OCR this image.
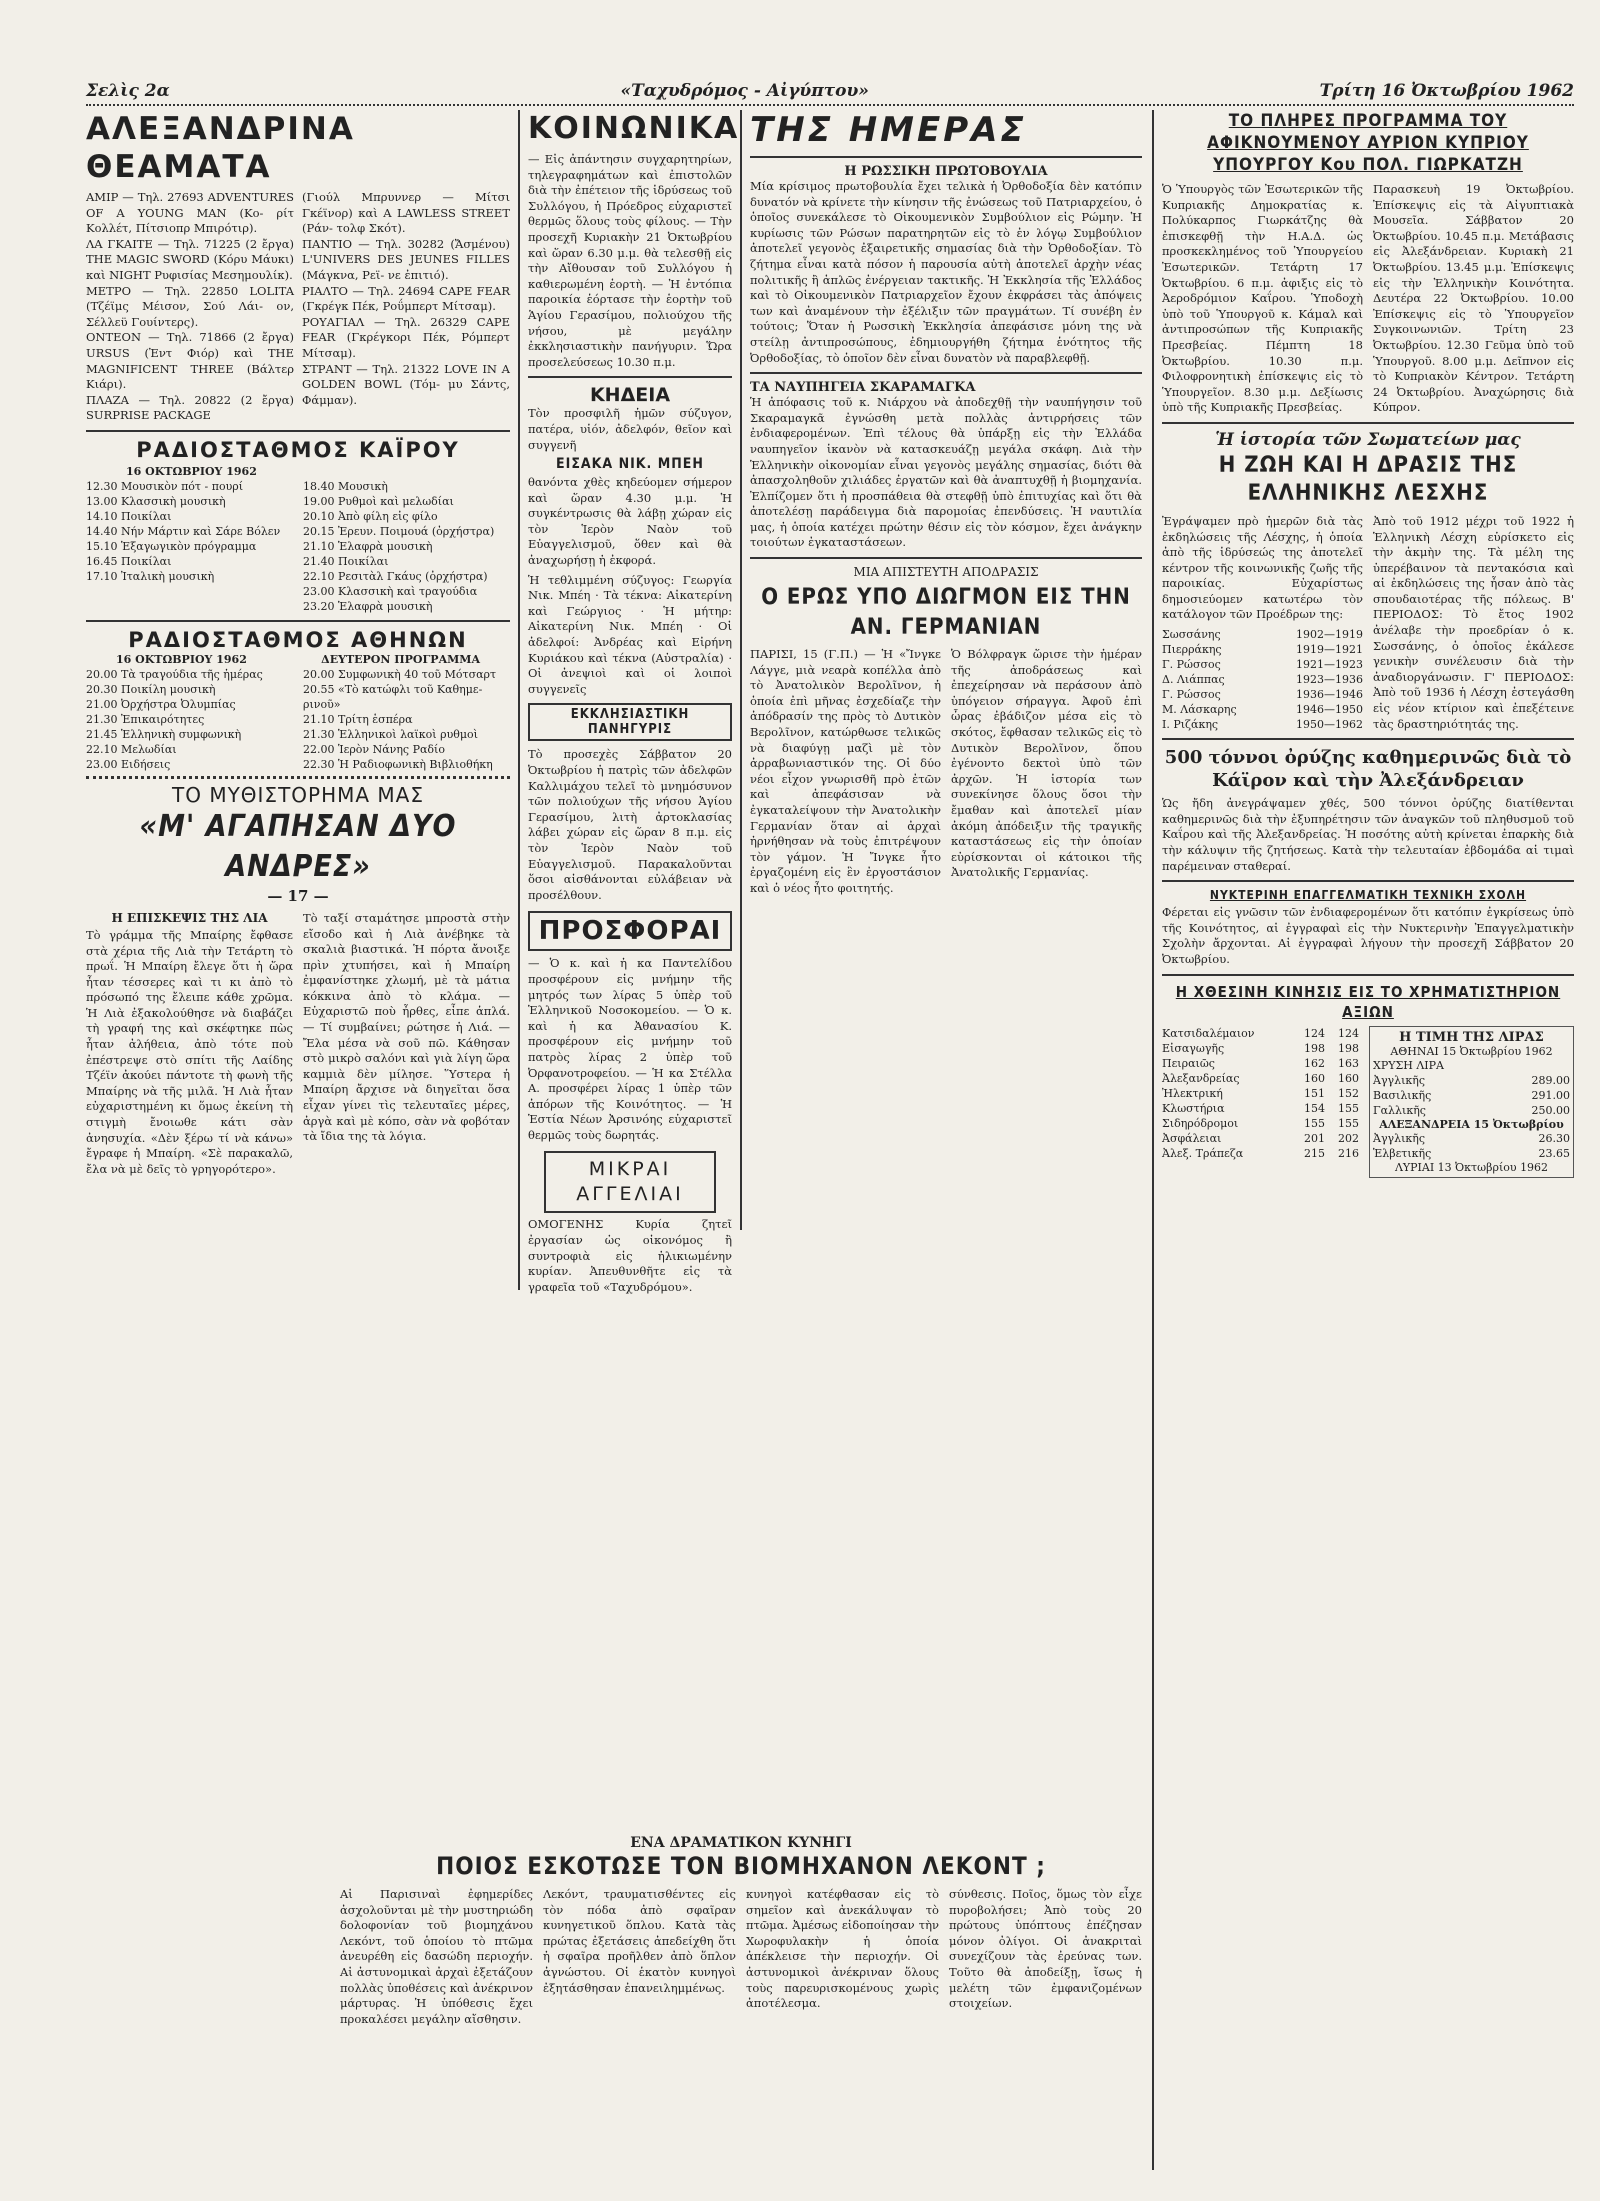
Σελὶς 2α	«Ταχυδρόμος - Αἰγύπτου»	Τρίτη 16 Ὀκτωβρίου 1962
ΑΛΕΞΑΝΔΡΙΝΑ ΘΕΑΜΑΤΑ
AMIP — Τηλ. 27693 ADVENTURES OF A YOUNG MAN (Κο- ρίτ Κολλέτ, Πίτσιοπρ Μπιρότιρ).
ΛΑ ΓΚΑΙΤΕ — Τηλ. 71225 (2 ἔργα) THE MAGIC SWORD (Κόρυ Μάυκι) καὶ NIGHT Ρυφισίας Μεσημουλίκ).
ΜΕΤΡΟ — Τηλ. 22850 LOLITA (Τζέϊμς Μέισον, Σού Λάι- ον, Σέλλεϋ Γουίντερς).
ΟΝΤΕΟΝ — Τηλ. 71866 (2 ἔργα) URSUS (Ἐντ Φιόρ) καὶ THE MAGNIFICENT THREE (Βάλτερ Κιάρι).
ΠΛΑΖΑ — Τηλ. 20822 (2 ἔργα) SURPRISE PACKAGE
(Γιούλ Μπρυννερ — Μίτσι Γκέϊνορ) καὶ A LAWLESS STREET (Ράν- τολφ Σκότ).
ΠΑΝΤΙΟ — Τηλ. 30282 (Ἄσμένου) L'UNIVERS DES JEUNES FILLES (Μάγκνα, Ρεϊ- νε ἐπιτιό).
ΡΙΑΛΤΟ — Τηλ. 24694 CAPE FEAR (Γκρέγκ Πέκ, Ροΰμπερτ Μίτσαμ).
ΡΟΥΑΓΙΑΛ — Τηλ. 26329 CAPE FEAR (Γκρέγκορι Πέκ, Ρόμπερτ Μίτσαμ).
ΣΤΡΑΝΤ — Τηλ. 21322 LOVE IN A GOLDEN BOWL (Τόμ- μυ Σάντς, Φάμμαν).
ΡΑΔΙΟΣΤΑΘΜΟΣ ΚΑΪΡΟΥ
16 ΟΚΤΩΒΡΙΟΥ 1962
12.30 Μουσικὸν πότ - πουρί
13.00 Κλασσικὴ μουσικὴ
14.10 Ποικίλαι
14.40 Νήν Μάρτιν καὶ Σάρε Βόλεν
15.10 Ἑξαγωγικὸν πρόγραμμα
16.45 Ποικίλαι
17.10 Ἰταλικὴ μουσικὴ
18.40 Μουσικὴ
19.00 Ρυθμοὶ καὶ μελωδίαι
20.10 Ἀπὸ φίλη εἰς φίλο
20.15 Ἐρευν. Ποιμουά (ὀρχήστρα)
21.10 Ἑλαφρὰ μουσικὴ
21.40 Ποικίλαι
22.10 Ρεσιτὰλ Γκάυς (ὀρχήστρα)
23.00 Κλασσικὴ καὶ τραγούδια
23.20 Ἑλαφρὰ μουσικὴ
ΡΑΔΙΟΣΤΑΘΜΟΣ ΑΘΗΝΩΝ
16 ΟΚΤΩΒΡΙΟΥ 1962	ΔΕΥΤΕΡΟΝ ΠΡΟΓΡΑΜΜΑ
20.00 Τὰ τραγούδια τῆς ἡμέρας
20.30 Ποικίλη μουσικὴ
21.00 Ὀρχήστρα Ὀλυμπίας
21.30 Ἐπικαιρότητες
21.45 Ἑλληνικὴ συμφωνικὴ
22.10 Μελωδίαι
23.00 Ειδήσεις
20.00 Συμφωνικὴ 40 τοῦ Μότσαρτ
20.55 «Τὸ κατώφλι τοῦ Καθημε- ρινοῦ»
21.10 Τρίτη ἑσπέρα
21.30 Ἑλληνικοὶ λαϊκοὶ ρυθμοὶ
22.00 Ἱερὸν Νάνης Ραδίο
22.30 Ἡ Ραδιοφωνικὴ Βιβλιοθήκη
ΤΟ ΜΥΘΙΣΤΟΡΗΜΑ ΜΑΣ
«Μ' ΑΓΑΠΗΣΑΝ ΔΥΟ ΑΝΔΡΕΣ»
— 17 —
Η ΕΠΙΣΚΕΨΙΣ ΤΗΣ ΛΙΑ

Τὸ γράμμα τῆς Μπαίρης ἔφθασε στὰ χέρια τῆς Λιὰ τὴν Τετάρτη τὸ πρωΐ. Ἡ Μπαίρη ἔλεγε ὅτι ἡ ὥρα ἦταν τέσσερες καὶ τι κι ἀπὸ τὸ πρόσωπό της ἔλειπε κάθε χρῶμα. Ἡ Λιὰ ἐξακολούθησε νὰ διαβάζει τὴ γραφή της καὶ σκέφτηκε πὼς ἦταν ἀλήθεια, ἀπὸ τότε ποὺ ἐπέστρεψε στὸ σπίτι τῆς Λαίδης Τζέϊν ἀκούει πάντοτε τὴ φωνὴ τῆς Μπαίρης νὰ τῆς μιλᾶ. Ἡ Λιὰ ἦταν εὐχαριστημένη κι ὅμως ἐκείνη τὴ στιγμὴ ἔνοιωθε κάτι σὰν ἀνησυχία. «Δὲν ξέρω τί νὰ κάνω» ἔγραφε ἡ Μπαίρη. «Σὲ παρακαλῶ, ἔλα νὰ μὲ δεῖς τὸ γρηγορότερο».

Τὸ ταξί σταμάτησε μπροστὰ στὴν εἴσοδο καὶ ἡ Λιὰ ἀνέβηκε τὰ σκαλιὰ βιαστικά. Ἡ πόρτα ἄνοιξε πρὶν χτυπήσει, καὶ ἡ Μπαίρη ἐμφανίστηκε χλωμή, μὲ τὰ μάτια κόκκινα ἀπὸ τὸ κλάμα. — Εὐχαριστῶ ποὺ ἦρθες, εἶπε ἁπλά. — Τί συμβαίνει; ρώτησε ἡ Λιά. — Ἔλα μέσα νὰ σοῦ πῶ. Κάθησαν στὸ μικρὸ σαλόνι καὶ γιὰ λίγη ὥρα καμμιὰ δὲν μίλησε. Ὕστερα ἡ Μπαίρη ἄρχισε νὰ διηγεῖται ὅσα εἶχαν γίνει τὶς τελευταῖες μέρες, ἀργὰ καὶ μὲ κόπο, σὰν νὰ φοβόταν τὰ ἴδια της τὰ λόγια.

ΚΟΙΝΩΝΙΚΑ

— Εἰς ἀπάντησιν συγχαρητηρίων, τηλεγραφημάτων καὶ ἐπιστολῶν διὰ τὴν ἐπέτειον τῆς ἱδρύσεως τοῦ Συλλόγου, ἡ Πρόεδρος εὐχαριστεῖ θερμῶς ὅλους τοὺς φίλους. — Τὴν προσεχῆ Κυριακὴν 21 Ὀκτωβρίου καὶ ὥραν 6.30 μ.μ. θὰ τελεσθῇ εἰς τὴν Αἴθουσαν τοῦ Συλλόγου ἡ καθιερωμένη ἑορτὴ. — Ἡ ἐντόπια παροικία ἑόρτασε τὴν ἑορτὴν τοῦ Ἁγίου Γερασίμου, πολιούχου τῆς νήσου, μὲ μεγάλην ἐκκλησιαστικὴν πανήγυριν. Ὥρα προσελεύσεως 10.30 π.μ.

ΚΗΔΕΙΑ

Τὸν προσφιλῆ ἡμῶν σύζυγον, πατέρα, υἱόν, ἀδελφόν, θεῖον καὶ συγγενῆ

ΕΙΣΑΚΑ ΝΙΚ. ΜΠΕΗ

θανόντα χθὲς κηδεύομεν σήμερον καὶ ὥραν 4.30 μ.μ. Ἡ συγκέντρωσις θὰ λάβῃ χώραν εἰς τὸν Ἱερὸν Ναὸν τοῦ Εὐαγγελισμοῦ, ὅθεν καὶ θὰ ἀναχωρήσῃ ἡ ἐκφορά.

Ἡ τεθλιμμένη σύζυγος: Γεωργία Νικ. Μπέη · Τὰ τέκνα: Αἰκατερίνη καὶ Γεώργιος · Ἡ μήτηρ: Αἰκατερίνη Νικ. Μπέη · Οἱ ἀδελφοί: Ἀνδρέας καὶ Εἰρήνη Κυριάκου καὶ τέκνα (Αὐστραλία) · Οἱ ἀνεψιοὶ καὶ οἱ λοιποὶ συγγενεῖς

ΕΚΚΛΗΣΙΑΣΤΙΚΗ ΠΑΝΗΓΥΡΙΣ

Τὸ προσεχὲς Σάββατον 20 Ὀκτωβρίου ἡ πατρὶς τῶν ἀδελφῶν Καλλιμάχου τελεῖ τὸ μνημόσυνον τῶν πολιούχων τῆς νήσου Ἁγίου Γερασίμου, λιτὴ ἀρτοκλασίας λάβει χώραν εἰς ὥραν 8 π.μ. εἰς τὸν Ἱερὸν Ναὸν τοῦ Εὐαγγελισμοῦ. Παρακαλοῦνται ὅσοι αἰσθάνονται εὐλάβειαν νὰ προσέλθουν.

ΠΡΟΣΦΟΡΑΙ

— Ὁ κ. καὶ ἡ κα Παντελίδου προσφέρουν εἰς μνήμην τῆς μητρός των λίρας 5 ὑπὲρ τοῦ Ἑλληνικοῦ Νοσοκομείου. — Ὁ κ. καὶ ἡ κα Ἀθανασίου Κ. προσφέρουν εἰς μνήμην τοῦ πατρὸς λίρας 2 ὑπὲρ τοῦ Ὀρφανοτροφείου. — Ἡ κα Στέλλα Α. προσφέρει λίρας 1 ὑπὲρ τῶν ἀπόρων τῆς Κοινότητος. — Ἡ Ἑστία Νέων Ἀρσινόης εὐχαριστεῖ θερμῶς τοὺς δωρητάς.

ΜΙΚΡΑΙ ΑΓΓΕΛΙΑΙ

ΟΜΟΓΕΝΗΣ Κυρία ζητεῖ ἐργασίαν ὡς οἰκονόμος ἢ συντροφιὰ εἰς ἡλικιωμένην κυρίαν. Ἀπευθυνθῆτε εἰς τὰ γραφεῖα τοῦ «Ταχυδρόμου».

ΤΗΣ ΗΜΕΡΑΣ
Η ΡΩΣΣΙΚΗ ΠΡΩΤΟΒΟΥΛΙΑ

Μία κρίσιμος πρωτοβουλία ἔχει τελικὰ ἡ Ὀρθοδοξία δὲν κατόπιν δυνατόν νὰ κρίνετε τὴν κίνησιν τῆς ἐνώσεως τοῦ Πατριαρχείου, ὁ ὁποῖος συνεκάλεσε τὸ Οἰκουμενικὸν Συμβούλιον εἰς Ρώμην. Ἡ κυρίωσις τῶν Ρώσων παρατηρητῶν εἰς τὸ ἐν λόγῳ Συμβούλιον ἀποτελεῖ γεγονὸς ἐξαιρετικῆς σημασίας διὰ τὴν Ὀρθοδοξίαν. Τὸ ζήτημα εἶναι κατὰ πόσον ἡ παρουσία αὐτὴ ἀποτελεῖ ἀρχὴν νέας πολιτικῆς ἢ ἁπλῶς ἐνέργειαν τακτικῆς. Ἡ Ἐκκλησία τῆς Ἑλλάδος καὶ τὸ Οἰκουμενικὸν Πατριαρχεῖον ἔχουν ἐκφράσει τὰς ἀπόψεις των καὶ ἀναμένουν τὴν ἐξέλιξιν τῶν πραγμάτων. Τί συνέβη ἐν τούτοις; Ὅταν ἡ Ρωσσικὴ Ἐκκλησία ἀπεφάσισε μόνη της νὰ στείλῃ ἀντιπροσώπους, ἐδημιουργήθη ζήτημα ἑνότητος τῆς Ὀρθοδοξίας, τὸ ὁποῖον δὲν εἶναι δυνατὸν νὰ παραβλεφθῇ.

ΤΑ ΝΑΥΠΗΓΕΙΑ ΣΚΑΡΑΜΑΓΚΑ

Ἡ ἀπόφασις τοῦ κ. Νιάρχου νὰ ἀποδεχθῇ τὴν ναυπήγησιν τοῦ Σκαραμαγκᾶ ἐγνώσθη μετὰ πολλὰς ἀντιρρήσεις τῶν ἐνδιαφερομένων. Ἐπὶ τέλους θὰ ὑπάρξῃ εἰς τὴν Ἑλλάδα ναυπηγεῖον ἱκανὸν νὰ κατασκευάζῃ μεγάλα σκάφη. Διὰ τὴν Ἑλληνικὴν οἰκονομίαν εἶναι γεγονὸς μεγάλης σημασίας, διότι θὰ ἀπασχοληθοῦν χιλιάδες ἐργατῶν καὶ θὰ ἀναπτυχθῇ ἡ βιομηχανία. Ἐλπίζομεν ὅτι ἡ προσπάθεια θὰ στεφθῇ ὑπὸ ἐπιτυχίας καὶ ὅτι θὰ ἀποτελέσῃ παράδειγμα διὰ παρομοίας ἐπενδύσεις. Ἡ ναυτιλία μας, ἡ ὁποία κατέχει πρώτην θέσιν εἰς τὸν κόσμον, ἔχει ἀνάγκην τοιούτων ἐγκαταστάσεων.

ΜΙΑ ΑΠΙΣΤΕΥΤΗ ΑΠΟΔΡΑΣΙΣ
Ο ΕΡΩΣ ΥΠΟ ΔΙΩΓΜΟΝ ΕΙΣ ΤΗΝ ΑΝ. ΓΕΡΜΑΝΙΑΝ

ΠΑΡΙΣΙ, 15 (Γ.Π.) — Ἡ «Ἴνγκε Λάγγε, μιὰ νεαρὰ κοπέλλα ἀπὸ τὸ Ἀνατολικὸν Βερολῖνον, ἡ ὁποία ἐπὶ μῆνας ἐσχεδίαζε τὴν ἀπόδρασίν της πρὸς τὸ Δυτικὸν Βερολῖνον, κατώρθωσε τελικῶς νὰ διαφύγῃ μαζὶ μὲ τὸν ἀρραβωνιαστικόν της. Οἱ δύο νέοι εἶχον γνωρισθῆ πρὸ ἐτῶν καὶ ἀπεφάσισαν νὰ ἐγκαταλείψουν τὴν Ἀνατολικὴν Γερμανίαν ὅταν αἱ ἀρχαὶ ἠρνήθησαν νὰ τοὺς ἐπιτρέψουν τὸν γάμον. Ἡ Ἴνγκε ἦτο ἐργαζομένη εἰς ἓν ἐργοστάσιον καὶ ὁ νέος ἦτο φοιτητής.

Ὁ Βόλφραγκ ὥρισε τὴν ἡμέραν τῆς ἀποδράσεως καὶ ἐπεχείρησαν νὰ περάσουν ἀπὸ ὑπόγειον σήραγγα. Ἀφοῦ ἐπὶ ὧρας ἐβάδιζον μέσα εἰς τὸ σκότος, ἔφθασαν τελικῶς εἰς τὸ Δυτικὸν Βερολῖνον, ὅπου ἐγένοντο δεκτοὶ ὑπὸ τῶν ἀρχῶν. Ἡ ἱστορία των συνεκίνησε ὅλους ὅσοι τὴν ἔμαθαν καὶ ἀποτελεῖ μίαν ἀκόμη ἀπόδειξιν τῆς τραγικῆς καταστάσεως εἰς τὴν ὁποίαν εὑρίσκονται οἱ κάτοικοι τῆς Ἀνατολικῆς Γερμανίας.

ΤΟ ΠΛΗΡΕΣ ΠΡΟΓΡΑΜΜΑ ΤΟΥ ΑΦΙΚΝΟΥΜΕΝΟΥ ΑΥΡΙΟΝ ΚΥΠΡΙΟΥ ΥΠΟΥΡΓΟΥ Κου ΠΟΛ. ΓΙΩΡΚΑΤΖΗ

Ὁ Ὑπουργὸς τῶν Ἐσωτερικῶν τῆς Κυπριακῆς Δημοκρατίας κ. Πολύκαρπος Γιωρκάτζης θὰ ἐπισκεφθῇ τὴν Η.Α.Δ. ὡς προσκεκλημένος τοῦ Ὑπουργείου Ἐσωτερικῶν. Τετάρτη 17 Ὀκτωβρίου. 6 π.μ. ἀφιξις εἰς τὸ Ἀεροδρόμιον Καΐρου. Ὑποδοχὴ ὑπὸ τοῦ Ὑπουργοῦ κ. Κάμαλ καὶ ἀντιπροσώπων τῆς Κυπριακῆς Πρεσβείας. Πέμπτη 18 Ὀκτωβρίου. 10.30 π.μ. Φιλοφρονητικὴ ἐπίσκεψις εἰς τὸ Ὑπουργεῖον. 8.30 μ.μ. Δεξίωσις ὑπὸ τῆς Κυπριακῆς Πρεσβείας.

Παρασκευὴ 19 Ὀκτωβρίου. Ἐπίσκεψις εἰς τὰ Αἰγυπτιακὰ Μουσεῖα. Σάββατον 20 Ὀκτωβρίου. 10.45 π.μ. Μετάβασις εἰς Ἀλεξάνδρειαν. Κυριακὴ 21 Ὀκτωβρίου. 13.45 μ.μ. Ἐπίσκεψις εἰς τὴν Ἑλληνικὴν Κοινότητα. Δευτέρα 22 Ὀκτωβρίου. 10.00 Ἐπίσκεψις εἰς τὸ Ὑπουργεῖον Συγκοινωνιῶν. Τρίτη 23 Ὀκτωβρίου. 12.30 Γεῦμα ὑπὸ τοῦ Ὑπουργοῦ. 8.00 μ.μ. Δεῖπνον εἰς τὸ Κυπριακὸν Κέντρον. Τετάρτη 24 Ὀκτωβρίου. Ἀναχώρησις διὰ Κύπρον.

Ἡ ἱστορία τῶν Σωματείων μας
Η ΖΩΗ ΚΑΙ Η ΔΡΑΣΙΣ ΤΗΣ ΕΛΛΗΝΙΚΗΣ ΛΕΣΧΗΣ

Ἐγράψαμεν πρὸ ἡμερῶν διὰ τὰς ἐκδηλώσεις τῆς Λέσχης, ἡ ὁποία ἀπὸ τῆς ἱδρύσεώς της ἀποτελεῖ κέντρον τῆς κοινωνικῆς ζωῆς τῆς παροικίας. Εὐχαρίστως δημοσιεύομεν κατωτέρω τὸν κατάλογον τῶν Προέδρων της:

Σωσσάνης	1902—1919
Πιερράκης	1919—1921
Γ. Ρώσσος	1921—1923
Δ. Λιάππας	1923—1936
Γ. Ρώσσος	1936—1946
Μ. Λάσκαρης	1946—1950
Ι. Ριζάκης	1950—1962

Ἀπὸ τοῦ 1912 μέχρι τοῦ 1922 ἡ Ἑλληνικὴ Λέσχη εὑρίσκετο εἰς τὴν ἀκμὴν της. Τὰ μέλη της ὑπερέβαινον τὰ πεντακόσια καὶ αἱ ἐκδηλώσεις της ἦσαν ἀπὸ τὰς σπουδαιοτέρας τῆς πόλεως. Β' ΠΕΡΙΟΔΟΣ: Τὸ ἔτος 1902 ἀνέλαβε τὴν προεδρίαν ὁ κ. Σωσσάνης, ὁ ὁποῖος ἐκάλεσε γενικὴν συνέλευσιν διὰ τὴν ἀναδιοργάνωσιν. Γ' ΠΕΡΙΟΔΟΣ: Ἀπὸ τοῦ 1936 ἡ Λέσχη ἐστεγάσθη εἰς νέον κτίριον καὶ ἐπεξέτεινε τὰς δραστηριότητάς της.

500 τόννοι ὀρύζης καθημερινῶς διὰ τὸ Κάϊρον καὶ τὴν Ἀλεξάνδρειαν

Ὡς ἤδη ἀνεγράψαμεν χθές, 500 τόννοι ὀρύζης διατίθενται καθημερινῶς διὰ τὴν ἐξυπηρέτησιν τῶν ἀναγκῶν τοῦ πληθυσμοῦ τοῦ Καΐρου καὶ τῆς Ἀλεξανδρείας. Ἡ ποσότης αὐτὴ κρίνεται ἐπαρκὴς διὰ τὴν κάλυψιν τῆς ζητήσεως. Κατὰ τὴν τελευταίαν ἑβδομάδα αἱ τιμαὶ παρέμειναν σταθεραί.

ΝΥΚΤΕΡΙΝΗ ΕΠΑΓΓΕΛΜΑΤΙΚΗ ΤΕΧΝΙΚΗ ΣΧΟΛΗ

Φέρεται εἰς γνῶσιν τῶν ἐνδιαφερομένων ὅτι κατόπιν ἐγκρίσεως ὑπὸ τῆς Κοινότητος, αἱ ἐγγραφαὶ εἰς τὴν Νυκτερινὴν Ἐπαγγελματικὴν Σχολὴν ἄρχονται. Αἱ ἐγγραφαὶ λήγουν τὴν προσεχῆ Σάββατον 20 Ὀκτωβρίου.

Η ΧΘΕΣΙΝΗ ΚΙΝΗΣΙΣ ΕΙΣ ΤΟ ΧΡΗΜΑΤΙΣΤΗΡΙΟΝ ΑΞΙΩΝ
Κατσιδαλέμαιον	124	124
Εἰσαγωγῆς	198	198
Πειραιῶς	162	163
Ἀλεξανδρείας	160	160
Ἠλεκτρική	151	152
Κλωστήρια	154	155
Σιδηρόδρομοι	155	155
Ἀσφάλειαι	201	202
Ἀλεξ. Τράπεζα	215	216
Η ΤΙΜΗ ΤΗΣ ΛΙΡΑΣ
ΑΘΗΝΑΙ 15 Ὀκτωβρίου 1962
ΧΡΥΣΗ ΛΙΡΑ
Ἀγγλικῆς	289.00
Βασιλικῆς	291.00
Γαλλικῆς	250.00
ΑΛΕΞΑΝΔΡΕΙΑ 15 Ὀκτωβρίου
Ἀγγλικῆς	26.30
Ἑλβετικῆς	23.65
ΛΥΡΙΑΙ 13 Ὀκτωβρίου 1962
ΕΝΑ ΔΡΑΜΑΤΙΚΟΝ ΚΥΝΗΓΙ
ΠΟΙΟΣ ΕΣΚΟΤΩΣΕ ΤΟΝ ΒΙΟΜΗΧΑΝΟΝ ΛΕΚΟΝΤ ;

Αἱ Παρισιναὶ ἐφημερίδες ἀσχολοῦνται μὲ τὴν μυστηριώδη δολοφονίαν τοῦ βιομηχάνου Λεκόντ, τοῦ ὁποίου τὸ πτῶμα ἀνευρέθη εἰς δασώδη περιοχήν. Αἱ ἀστυνομικαὶ ἀρχαὶ ἐξετάζουν πολλὰς ὑποθέσεις καὶ ἀνέκρινον μάρτυρας. Ἡ ὑπόθεσις ἔχει προκαλέσει μεγάλην αἴσθησιν.

Λεκόντ, τραυματισθέντες εἰς τὸν πόδα ἀπὸ σφαῖραν κυνηγετικοῦ ὅπλου. Κατὰ τὰς πρώτας ἐξετάσεις ἀπεδείχθη ὅτι ἡ σφαῖρα προῆλθεν ἀπὸ ὅπλον ἀγνώστου. Οἱ ἑκατὸν κυνηγοὶ ἐξητάσθησαν ἐπανειλημμένως.

κυνηγοὶ κατέφθασαν εἰς τὸ σημεῖον καὶ ἀνεκάλυψαν τὸ πτῶμα. Ἀμέσως εἰδοποίησαν τὴν Χωροφυλακὴν ἡ ὁποία ἀπέκλεισε τὴν περιοχήν. Οἱ ἀστυνομικοὶ ἀνέκριναν ὅλους τοὺς παρευρισκομένους χωρὶς ἀποτέλεσμα.

σύνθεσις. Ποῖος, ὅμως τὸν εἶχε πυροβολήσει; Ἀπὸ τοὺς 20 πρώτους ὑπόπτους ἐπέζησαν μόνον ὀλίγοι. Οἱ ἀνακριταὶ συνεχίζουν τὰς ἐρεύνας των. Τοῦτο θὰ ἀποδείξῃ, ἴσως ἡ μελέτη τῶν ἐμφανιζομένων στοιχείων.
